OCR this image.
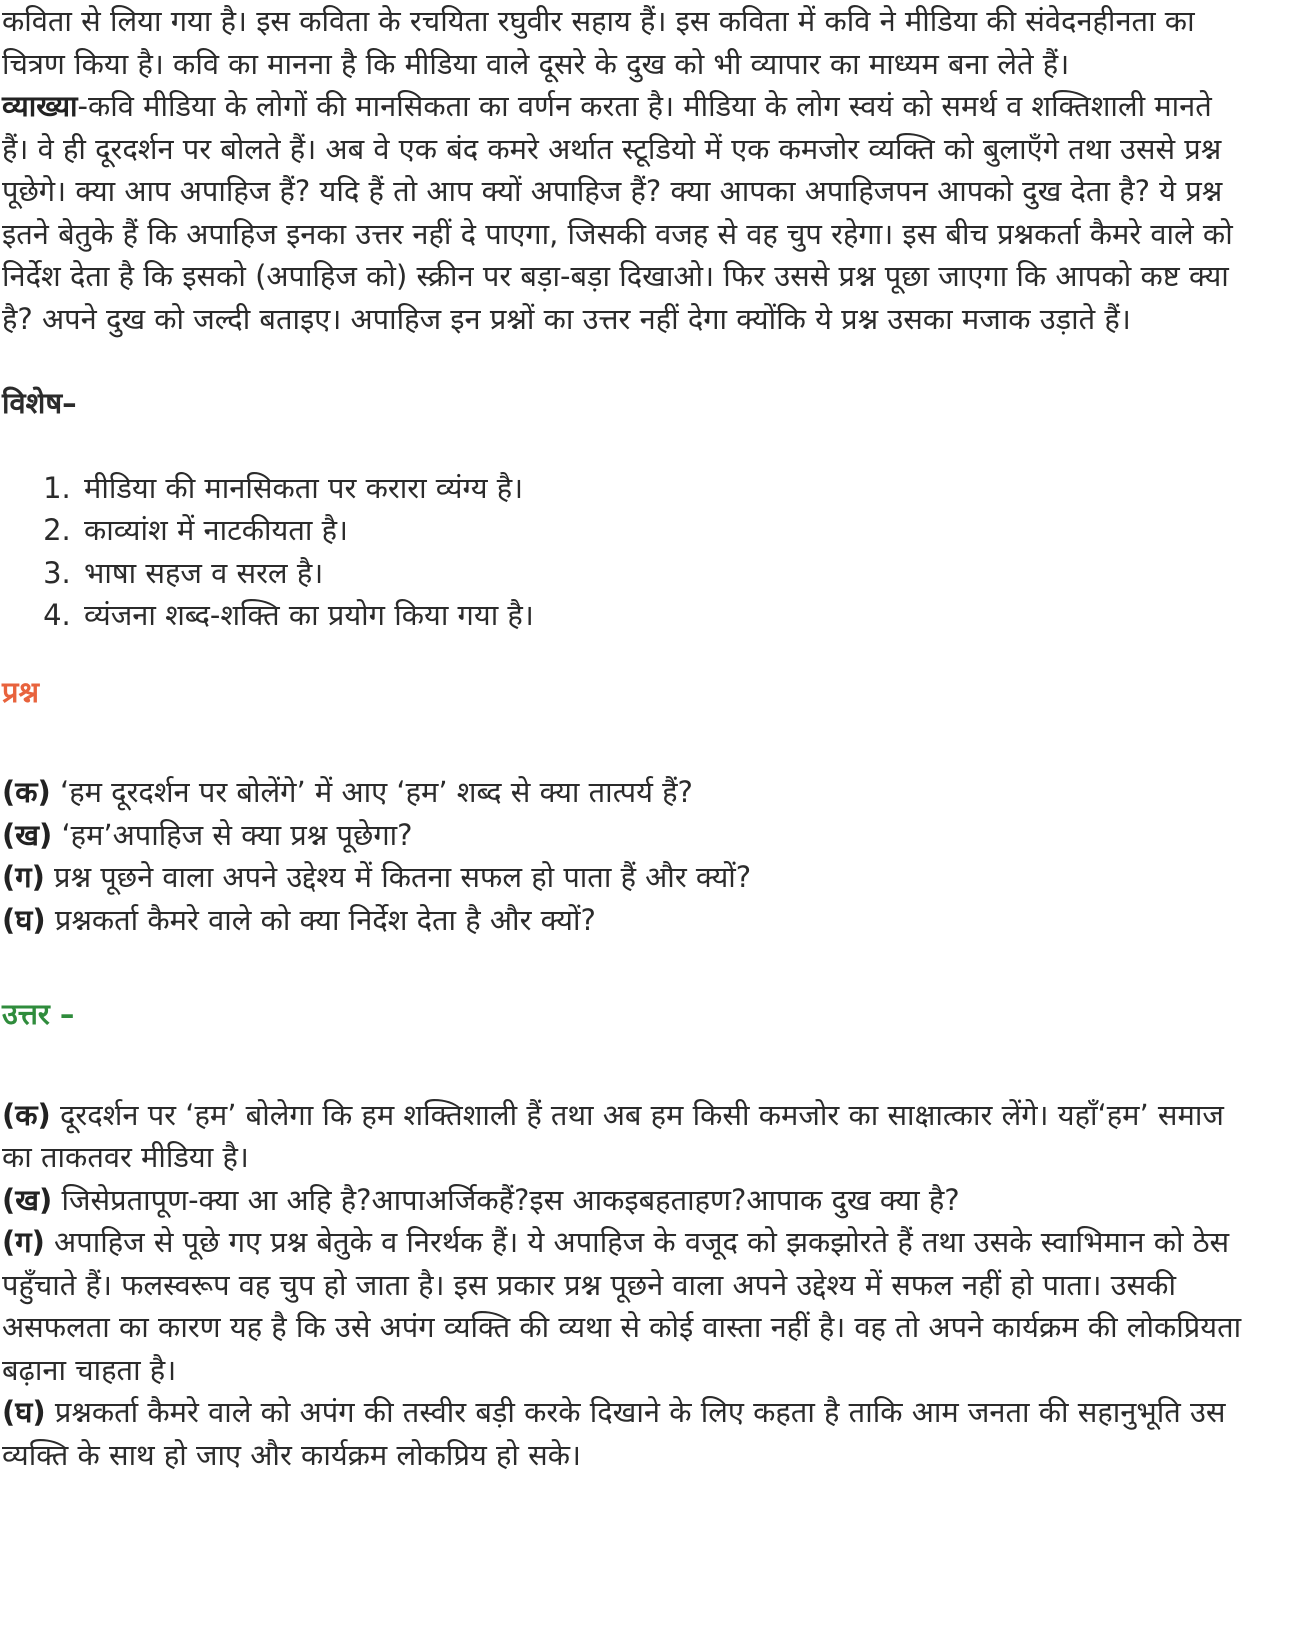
कविता से लिया गया है। इस कविता के रचयिता रघुवीर सहाय हैं। इस कविता में कवि ने मीडिया की संवेदनहीनता का चित्रण किया है। कवि का मानना है कि मीडिया वाले दूसरे के दुख को भी व्यापार का माध्यम बना लेते हैं।

व्याख्या-कवि मीडिया के लोगों की मानसिकता का वर्णन करता है। मीडिया के लोग स्वयं को समर्थ व शक्तिशाली मानते हैं। वे ही दूरदर्शन पर बोलते हैं। अब वे एक बंद कमरे अर्थात स्टूडियो में एक कमजोर व्यक्ति को बुलाएँगे तथा उससे प्रश्न पूछेगे। क्या आप अपाहिज हैं? यदि हैं तो आप क्यों अपाहिज हैं? क्या आपका अपाहिजपन आपको दुख देता है? ये प्रश्न इतने बेतुके हैं कि अपाहिज इनका उत्तर नहीं दे पाएगा, जिसकी वजह से वह चुप रहेगा। इस बीच प्रश्नकर्ता कैमरे वाले को निर्देश देता है कि इसको (अपाहिज को) स्क्रीन पर बड़ा-बड़ा दिखाओ। फिर उससे प्रश्न पूछा जाएगा कि आपको कष्ट क्या है? अपने दुख को जल्दी बताइए। अपाहिज इन प्रश्नों का उत्तर नहीं देगा क्योंकि ये प्रश्न उसका मजाक उड़ाते हैं।

विशेष–

1. मीडिया की मानसिकता पर करारा व्यंग्य है।
2. काव्यांश में नाटकीयता है।
3. भाषा सहज व सरल है।
4. व्यंजना शब्द-शक्ति का प्रयोग किया गया है।

प्रश्न

(क) ‘हम दूरदर्शन पर बोलेंगे’ में आए ‘हम’ शब्द से क्या तात्पर्य हैं?

(ख) ‘हम’अपाहिज से क्या प्रश्न पूछेगा?

(ग) प्रश्न पूछने वाला अपने उद्देश्य में कितना सफल हो पाता हैं और क्यों?

(घ) प्रश्नकर्ता कैमरे वाले को क्या निर्देश देता है और क्यों?

उत्तर –

(क) दूरदर्शन पर ‘हम’ बोलेगा कि हम शक्तिशाली हैं तथा अब हम किसी कमजोर का साक्षात्कार लेंगे। यहाँ‘हम’ समाज का ताकतवर मीडिया है।

(ख) जिसेप्रतापूण-क्या आ अहि है?आपाअर्जिकहैं?इस आकइबहताहण?आपाक दुख क्या है?

(ग) अपाहिज से पूछे गए प्रश्न बेतुके व निरर्थक हैं। ये अपाहिज के वजूद को झकझोरते हैं तथा उसके स्वाभिमान को ठेस पहुँचाते हैं। फलस्वरूप वह चुप हो जाता है। इस प्रकार प्रश्न पूछने वाला अपने उद्देश्य में सफल नहीं हो पाता। उसकी असफलता का कारण यह है कि उसे अपंग व्यक्ति की व्यथा से कोई वास्ता नहीं है। वह तो अपने कार्यक्रम की लोकप्रियता बढ़ाना चाहता है।

(घ) प्रश्नकर्ता कैमरे वाले को अपंग की तस्वीर बड़ी करके दिखाने के लिए कहता है ताकि आम जनता की सहानुभूति उस व्यक्ति के साथ हो जाए और कार्यक्रम लोकप्रिय हो सके।
